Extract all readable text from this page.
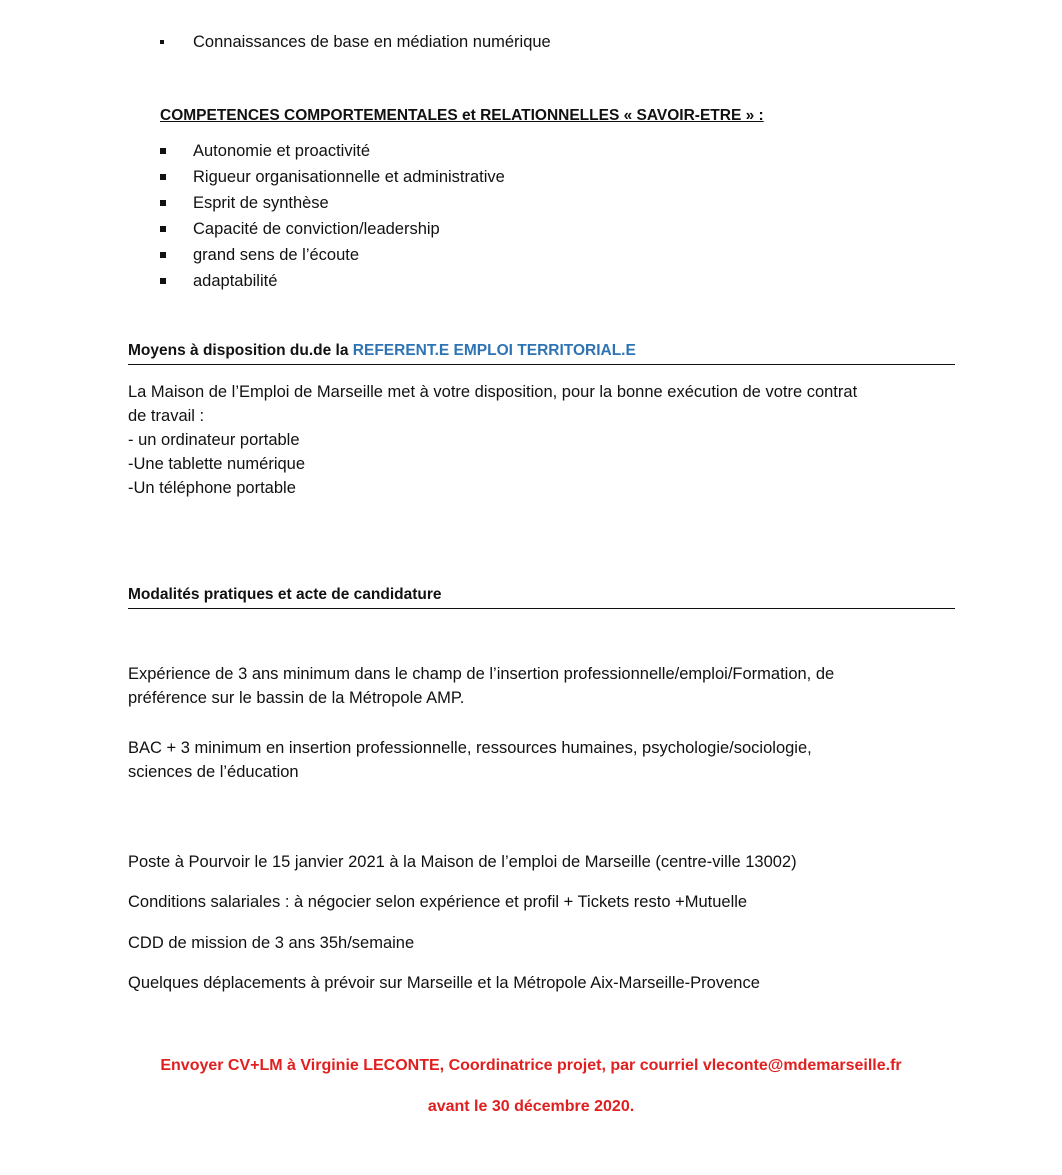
Connaissances de base en médiation numérique
COMPETENCES COMPORTEMENTALES et RELATIONNELLES « SAVOIR-ETRE » :
Autonomie et proactivité
Rigueur organisationnelle et administrative
Esprit de synthèse
Capacité de conviction/leadership
grand sens de l’écoute
adaptabilité
Moyens à disposition du.de la REFERENT.E EMPLOI TERRITORIAL.E
La Maison de l’Emploi de Marseille met à votre disposition, pour la bonne exécution de votre contrat
de travail :
- un ordinateur portable
-Une tablette numérique
-Un téléphone portable
Modalités pratiques et acte de candidature
Expérience de 3 ans minimum dans le champ de l’insertion professionnelle/emploi/Formation, de
préférence sur le bassin de la Métropole AMP.
BAC + 3 minimum en insertion professionnelle, ressources humaines, psychologie/sociologie,
sciences de l’éducation
Poste à Pourvoir le 15 janvier 2021 à la Maison de l’emploi de Marseille (centre-ville 13002)
Conditions salariales : à négocier selon expérience et profil + Tickets resto +Mutuelle
CDD de mission de 3 ans 35h/semaine
Quelques déplacements à prévoir sur Marseille et la Métropole Aix-Marseille-Provence
Envoyer CV+LM à Virginie LECONTE, Coordinatrice projet, par courriel vleconte@mdemarseille.fr
avant le 30 décembre 2020.
